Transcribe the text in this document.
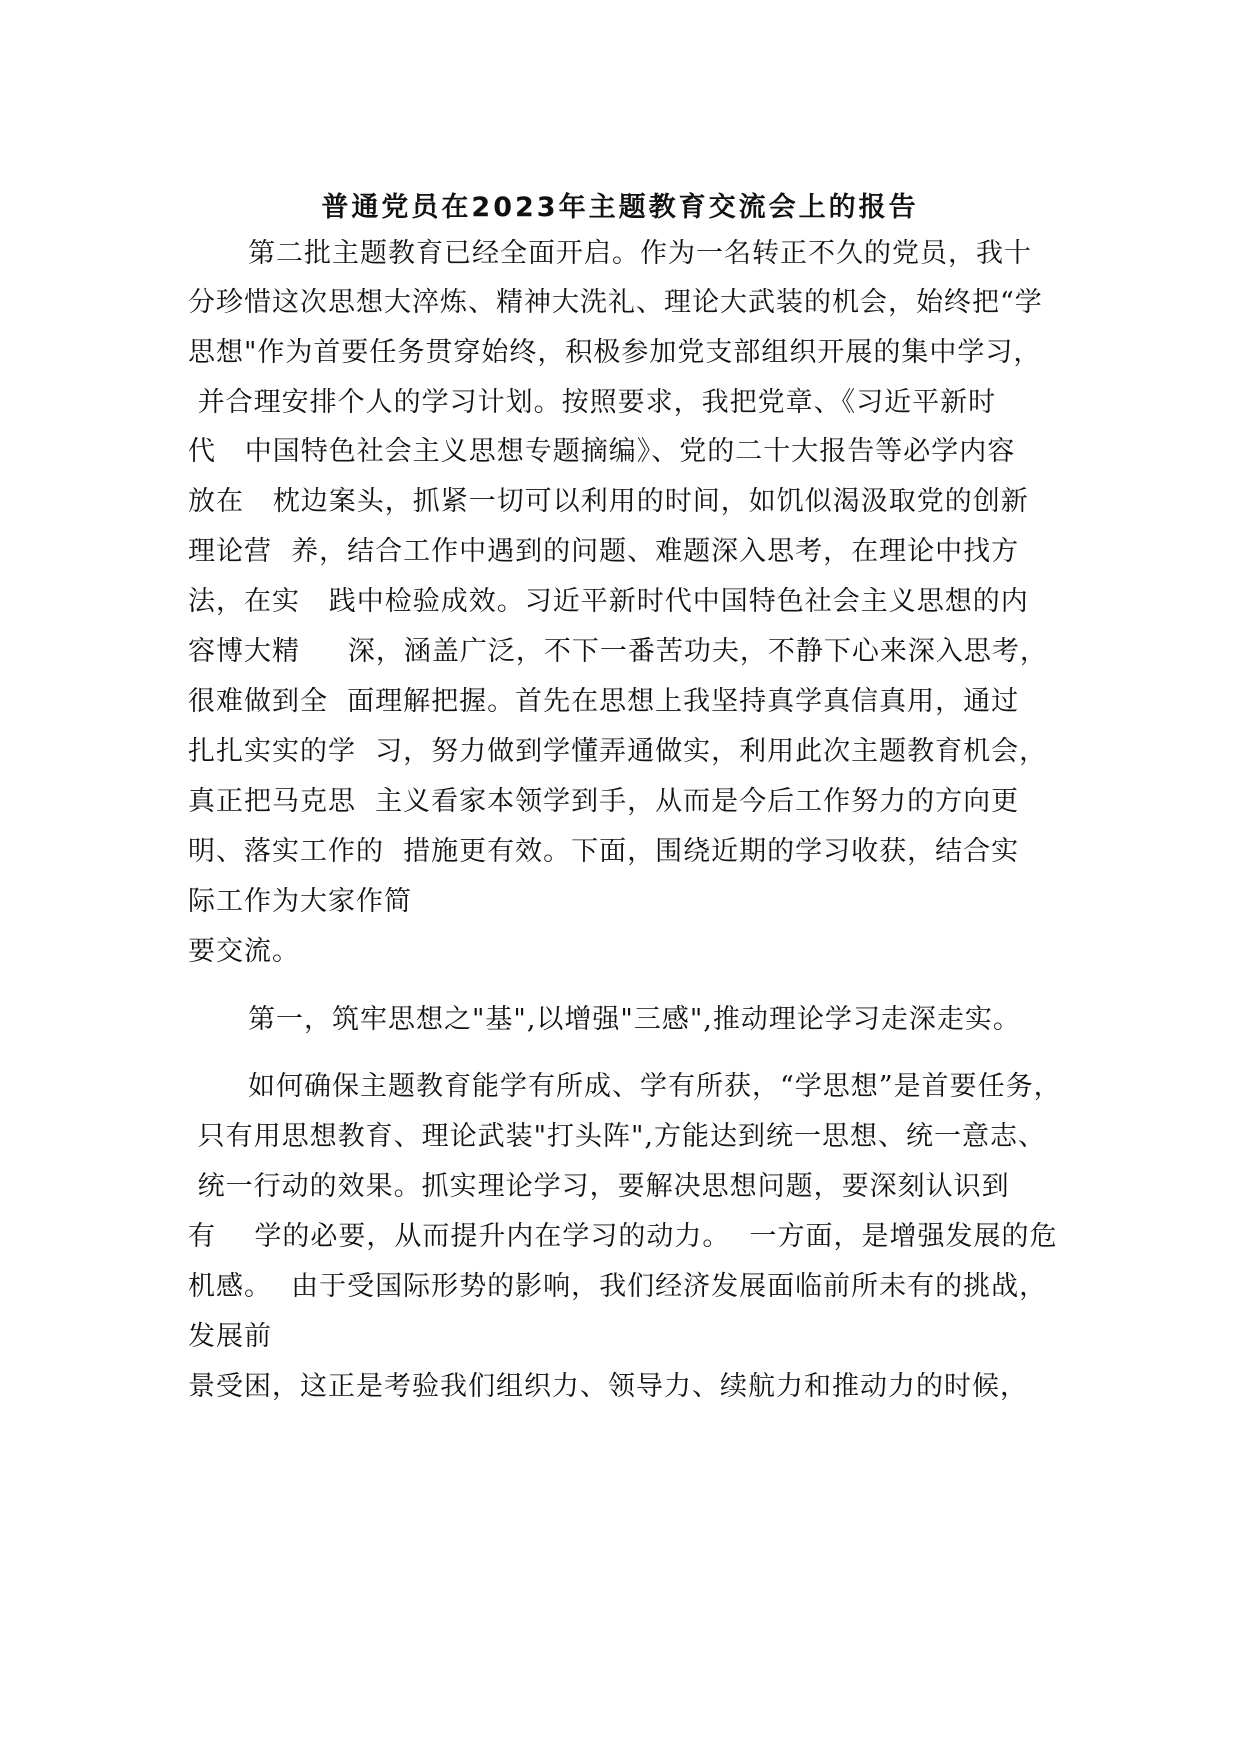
普通党员在2023年主题教育交流会上的报告
第二批主题教育已经全面开启。作为一名转正不久的党员，我十
分珍惜这次思想大淬炼、精神大洗礼、理论大武装的机会，始终把“学
思想"作为首要任务贯穿始终，积极参加党支部组织开展的集中学习，
并合理安排个人的学习计划。按照要求，我把党章、《习近平新时
代   中国特色社会主义思想专题摘编》、党的二十大报告等必学内容
放在   枕边案头，抓紧一切可以利用的时间，如饥似渴汲取党的创新
理论营  养，结合工作中遇到的问题、难题深入思考，在理论中找方
法，在实   践中检验成效。习近平新时代中国特色社会主义思想的内
容博大精     深，涵盖广泛，不下一番苦功夫，不静下心来深入思考，
很难做到全  面理解把握。首先在思想上我坚持真学真信真用，通过
扎扎实实的学  习，努力做到学懂弄通做实，利用此次主题教育机会，
真正把马克思  主义看家本领学到手，从而是今后工作努力的方向更
明、落实工作的  措施更有效。下面，围绕近期的学习收获，结合实
际工作为大家作简
要交流。
第一，筑牢思想之"基",以增强"三感",推动理论学习走深走实。
如何确保主题教育能学有所成、学有所获，“学思想”是首要任务，
只有用思想教育、理论武装"打头阵",方能达到统一思想、统一意志、
统一行动的效果。抓实理论学习，要解决思想问题，要深刻认识到
有    学的必要，从而提升内在学习的动力。  一方面，是增强发展的危
机感。  由于受国际形势的影响，我们经济发展面临前所未有的挑战，
发展前
景受困，这正是考验我们组织力、领导力、续航力和推动力的时候，
